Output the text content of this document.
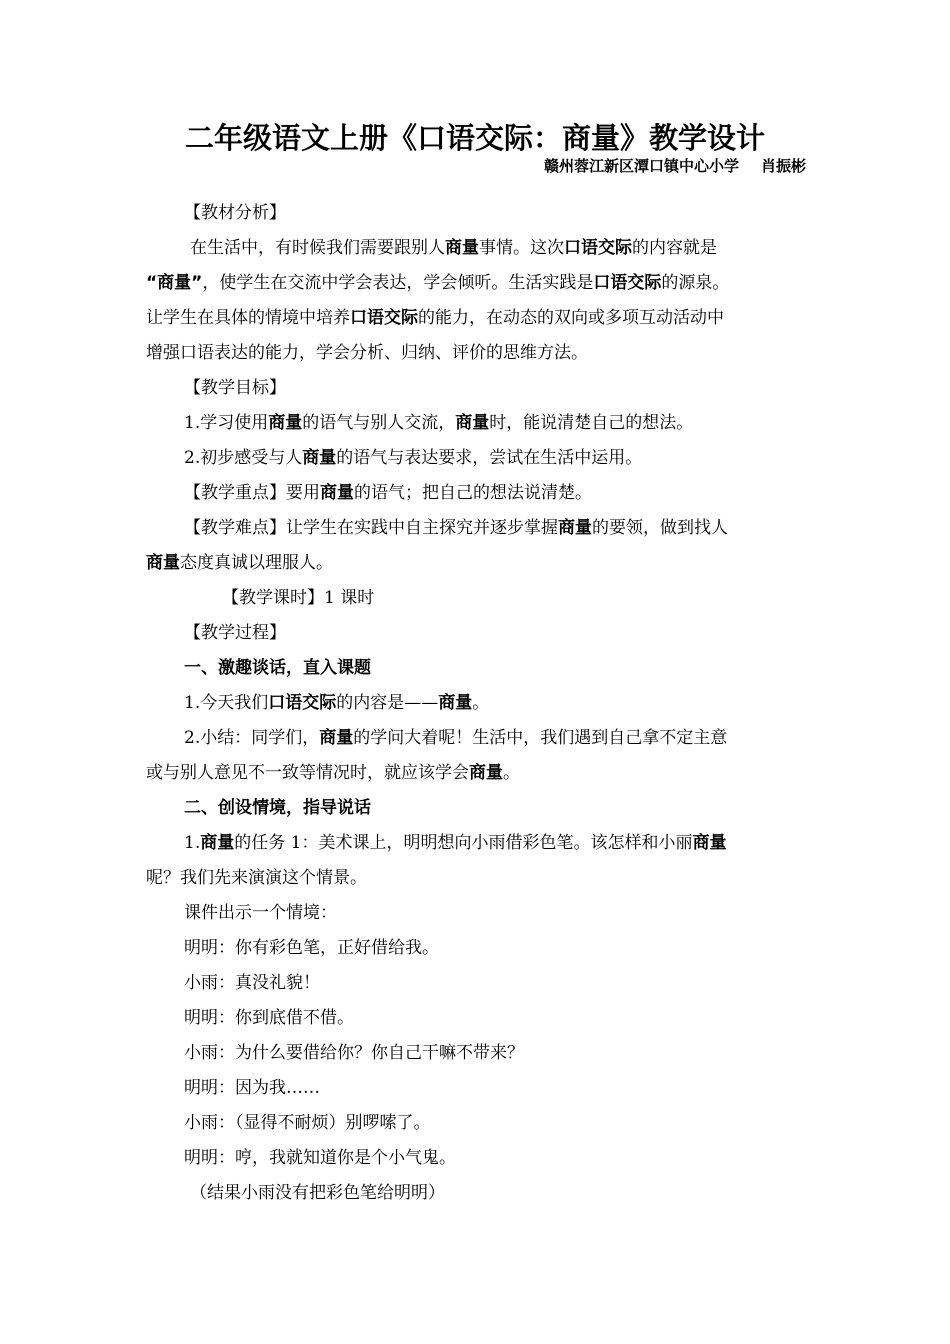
二年级语文上册《口语交际：商量》教学设计
赣州蓉江新区潭口镇中心小学 肖振彬

【教材分析】

在生活中，有时候我们需要跟别人商量事情。这次口语交际的内容就是

“商量”，使学生在交流中学会表达，学会倾听。生活实践是口语交际的源泉。

让学生在具体的情境中培养口语交际的能力，在动态的双向或多项互动活动中

增强口语表达的能力，学会分析、归纳、评价的思维方法。

【教学目标】

1.学习使用商量的语气与别人交流，商量时，能说清楚自己的想法。

2.初步感受与人商量的语气与表达要求，尝试在生活中运用。

【教学重点】要用商量的语气；把自己的想法说清楚。

【教学难点】让学生在实践中自主探究并逐步掌握商量的要领，做到找人

商量态度真诚以理服人。

【教学课时】1 课时

【教学过程】

一、激趣谈话，直入课题

1.今天我们口语交际的内容是——商量。

2.小结：同学们，商量的学问大着呢！生活中，我们遇到自己拿不定主意

或与别人意见不一致等情况时，就应该学会商量。

二、创设情境，指导说话

1.商量的任务 1：美术课上，明明想向小雨借彩色笔。该怎样和小丽商量

呢？我们先来演演这个情景。

课件出示一个情境：

明明：你有彩色笔，正好借给我。

小雨：真没礼貌！

明明：你到底借不借。

小雨：为什么要借给你？你自己干嘛不带来？

明明：因为我……

小雨：（显得不耐烦）别啰嗦了。

明明：哼，我就知道你是个小气鬼。

（结果小雨没有把彩色笔给明明）
